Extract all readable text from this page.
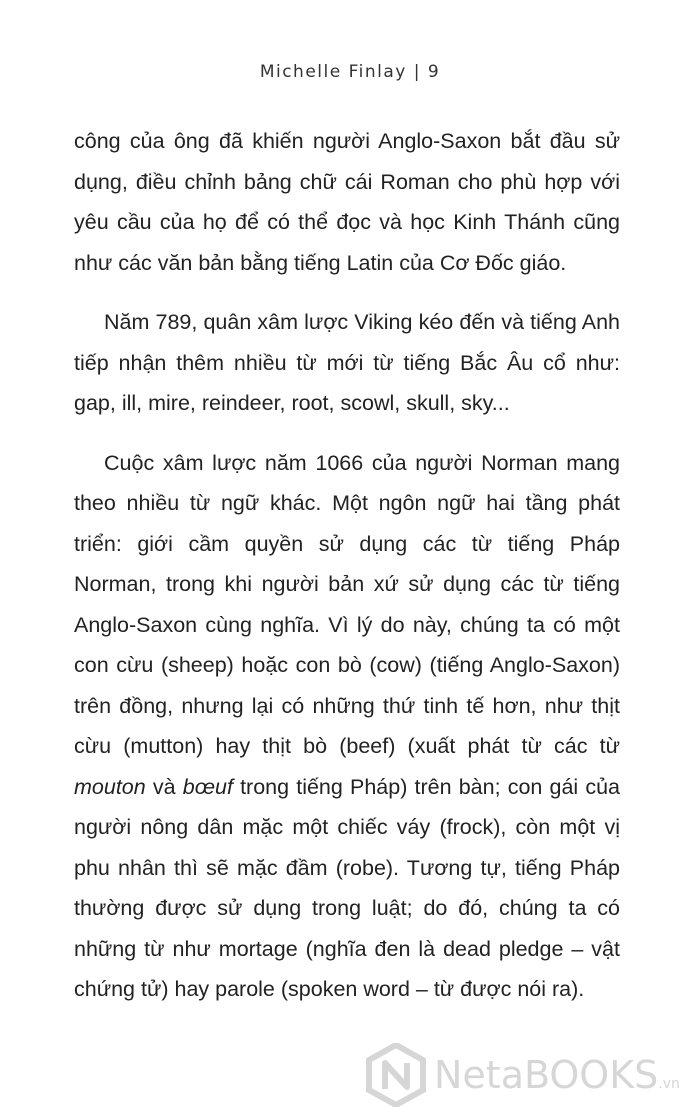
Michelle Finlay | 9

công của ông đã khiến người Anglo-Saxon bắt đầu sử dụng, điều chỉnh bảng chữ cái Roman cho phù hợp với yêu cầu của họ để có thể đọc và học Kinh Thánh cũng như các văn bản bằng tiếng Latin của Cơ Đốc giáo.

Năm 789, quân xâm lược Viking kéo đến và tiếng Anh tiếp nhận thêm nhiều từ mới từ tiếng Bắc Âu cổ như: gap, ill, mire, reindeer, root, scowl, skull, sky...

Cuộc xâm lược năm 1066 của người Norman mang theo nhiều từ ngữ khác. Một ngôn ngữ hai tầng phát triển: giới cầm quyền sử dụng các từ tiếng Pháp Norman, trong khi người bản xứ sử dụng các từ tiếng Anglo-Saxon cùng nghĩa. Vì lý do này, chúng ta có một con cừu (sheep) hoặc con bò (cow) (tiếng Anglo-Saxon) trên đồng, nhưng lại có những thứ tinh tế hơn, như thịt cừu (mutton) hay thịt bò (beef) (xuất phát từ các từ mouton và bœuf trong tiếng Pháp) trên bàn; con gái của người nông dân mặc một chiếc váy (frock), còn một vị phu nhân thì sẽ mặc đầm (robe). Tương tự, tiếng Pháp thường được sử dụng trong luật; do đó, chúng ta có những từ như mortage (nghĩa đen là dead pledge – vật chứng tử) hay parole (spoken word – từ được nói ra).

NetaBOOKS .vn
